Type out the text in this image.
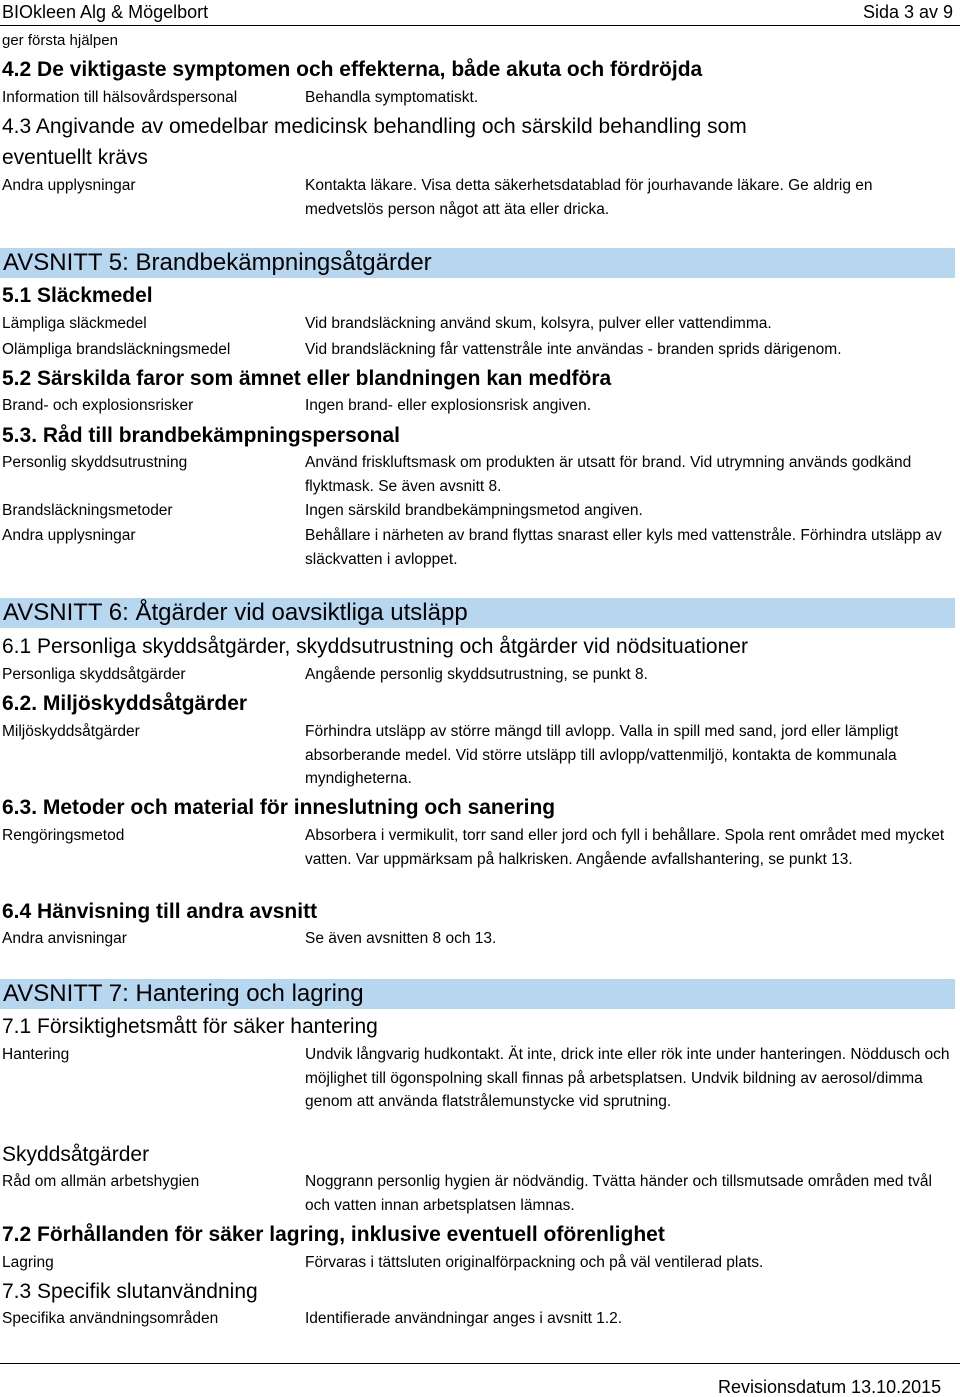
BIOkleen Alg & Mögelbort	Sida 3 av 9
ger första hjälpen
4.2 De viktigaste symptomen och effekterna, både akuta och fördröjda
Information till hälsovårdspersonal	Behandla symptomatiskt.
4.3 Angivande av omedelbar medicinsk behandling och särskild behandling som
eventuellt krävs
Andra upplysningar	Kontakta läkare. Visa detta säkerhetsdatablad för jourhavande läkare. Ge aldrig en medvetslös person något att äta eller dricka.
AVSNITT 5: Brandbekämpningsåtgärder
5.1 Släckmedel
Lämpliga släckmedel	Vid brandsläckning använd skum, kolsyra, pulver eller vattendimma.
Olämpliga brandsläckningsmedel	Vid brandsläckning får vattenstråle inte användas - branden sprids därigenom.
5.2 Särskilda faror som ämnet eller blandningen kan medföra
Brand- och explosionsrisker	Ingen brand- eller explosionsrisk angiven.
5.3. Råd till brandbekämpningspersonal
Personlig skyddsutrustning	Använd friskluftsmask om produkten är utsatt för brand. Vid utrymning används godkänd flyktmask. Se även avsnitt 8.
Brandsläckningsmetoder	Ingen särskild brandbekämpningsmetod angiven.
Andra upplysningar	Behållare i närheten av brand flyttas snarast eller kyls med vattenstråle. Förhindra utsläpp av släckvatten i avloppet.
AVSNITT 6: Åtgärder vid oavsiktliga utsläpp
6.1 Personliga skyddsåtgärder, skyddsutrustning och åtgärder vid nödsituationer
Personliga skyddsåtgärder	Angående personlig skyddsutrustning, se punkt 8.
6.2. Miljöskyddsåtgärder
Miljöskyddsåtgärder	Förhindra utsläpp av större mängd till avlopp. Valla in spill med sand, jord eller lämpligt absorberande medel. Vid större utsläpp till avlopp/vattenmiljö, kontakta de kommunala myndigheterna.
6.3. Metoder och material för inneslutning och sanering
Rengöringsmetod	Absorbera i vermikulit, torr sand eller jord och fyll i behållare. Spola rent området med mycket vatten. Var uppmärksam på halkrisken. Angående avfallshantering, se punkt 13.
6.4 Hänvisning till andra avsnitt
Andra anvisningar	Se även avsnitten 8 och 13.
AVSNITT 7: Hantering och lagring
7.1 Försiktighetsmått för säker hantering
Hantering	Undvik långvarig hudkontakt. Ät inte, drick inte eller rök inte under hanteringen. Nöddusch och möjlighet till ögonspolning skall finnas på arbetsplatsen. Undvik bildning av aerosol/dimma genom att använda flatstrålemunstycke vid sprutning.
Skyddsåtgärder
Råd om allmän arbetshygien	Noggrann personlig hygien är nödvändig. Tvätta händer och tillsmutsade områden med tvål och vatten innan arbetsplatsen lämnas.
7.2 Förhållanden för säker lagring, inklusive eventuell oförenlighet
Lagring	Förvaras i tättsluten originalförpackning och på väl ventilerad plats.
7.3 Specifik slutanvändning
Specifika användningsområden	Identifierade användningar anges i avsnitt 1.2.
Revisionsdatum 13.10.2015
